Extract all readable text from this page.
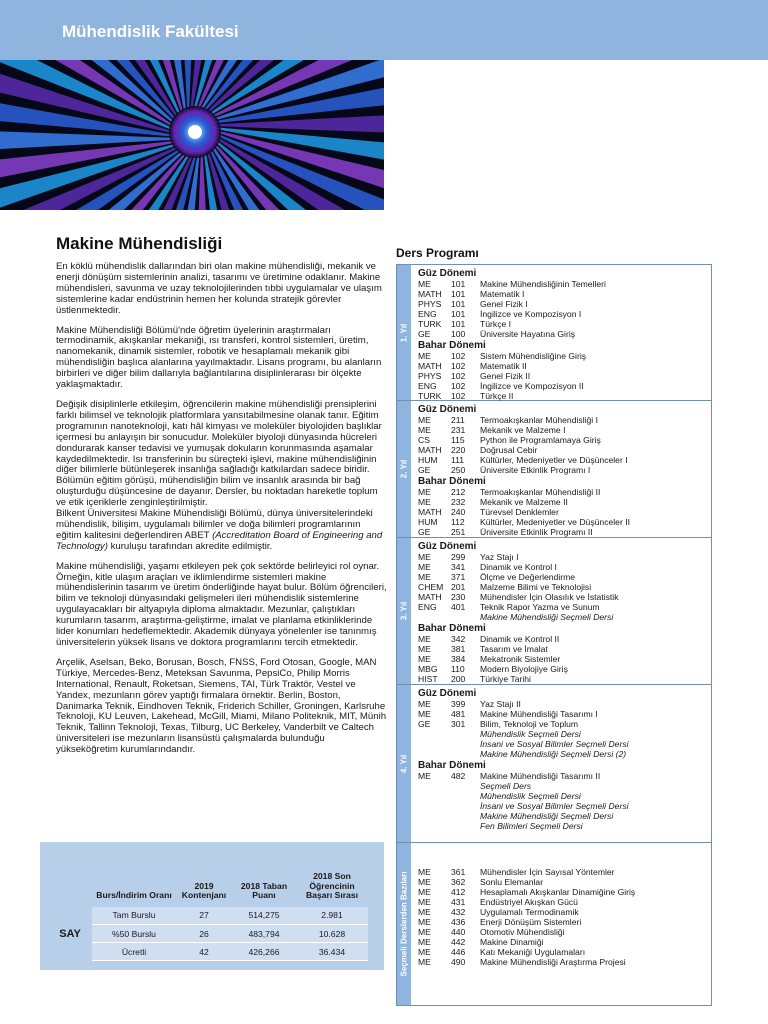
Mühendislik Fakültesi
Makine Mühendisliği

En köklü mühendislik dallarından biri olan makine mühendisliği, mekanik ve enerji dönüşüm sistemlerinin analizi, tasarımı ve üretimine odaklanır. Makine mühendisleri, savunma ve uzay teknolojilerinden tıbbi uygulamalar ve ulaşım sistemlerine kadar endüstrinin hemen her kolunda stratejik görevler üstlenmektedir.

Makine Mühendisliği Bölümü'nde öğretim üyelerinin araştırmaları termodinamik, akışkanlar mekaniği, ısı transferi, kontrol sistemleri, üretim, nanomekanik, dinamik sistemler, robotik ve hesaplamalı mekanik gibi mühendisliğin başlıca alanlarına yayılmaktadır. Lisans programı, bu alanların birbirleri ve diğer bilim dallarıyla bağlantılarına disiplinlerarası bir ölçekte yaklaşmaktadır.

Değişik disiplinlerle etkileşim, öğrencilerin makine mühendisliği prensiplerini farklı bilimsel ve teknolojik platformlara yansıtabilmesine olanak tanır. Eğitim programının nanoteknoloji, katı hâl kimyası ve moleküler biyolojiden başlıklar içermesi bu anlayışın bir sonucudur. Moleküler biyoloji dünyasında hücreleri dondurarak kanser tedavisi ve yumuşak dokuların korunmasında aşamalar kaydedilmektedir. Isı transferinin bu süreçteki işlevi, makine mühendisliğinin diğer bilimlerle bütünleşerek insanlığa sağladığı katkılardan sadece biridir. Bölümün eğitim görüşü, mühendisliğin bilim ve insanlık arasında bir bağ oluşturduğu düşüncesine de dayanır. Dersler, bu noktadan hareketle toplum ve etik içeriklerle zenginleştirilmiştir.

Bilkent Üniversitesi Makine Mühendisliği Bölümü, dünya üniversitelerindeki mühendislik, bilişim, uygulamalı bilimler ve doğa bilimleri programlarının eğitim kalitesini değerlendiren ABET (Accreditation Board of Engineering and Technology) kuruluşu tarafından akredite edilmiştir.

Makine mühendisliği, yaşamı etkileyen pek çok sektörde belirleyici rol oynar. Örneğin, kitle ulaşım araçları ve iklimlendirme sistemleri makine mühendislerinin tasarım ve üretim önderliğinde hayat bulur. Bölüm öğrencileri, bilim ve teknoloji dünyasındaki gelişmeleri ileri mühendislik sistemlerine uygulayacakları bir altyapıyla diploma almaktadır. Mezunlar, çalıştıkları kurumların tasarım, araştırma-geliştirme, imalat ve planlama etkinliklerinde lider konumları hedeflemektedir. Akademik dünyaya yönelenler ise tanınmış üniversitelerin yüksek lisans ve doktora programlarını tercih etmektedir.

Arçelik, Aselsan, Beko, Borusan, Bosch, FNSS, Ford Otosan, Google, MAN Türkiye, Mercedes-Benz, Meteksan Savunma, PepsiCo, Philip Morris International, Renault, Roketsan, Siemens, TAI, Türk Traktör, Vestel ve Yandex, mezunların görev yaptığı firmalara örnektir. Berlin, Boston, Danimarka Teknik, Eindhoven Teknik, Friderich Schiller, Groningen, Karlsruhe Teknoloji, KU Leuven, Lakehead, McGill, Miami, Milano Politeknik, MIT, Münih Teknik, Tallinn Teknoloji, Texas, Tilburg, UC Berkeley, Vanderbilt ve Caltech üniversiteleri ise mezunların lisansüstü çalışmalarda bulunduğu yükseköğretim kurumlarındandır.

	Burs/İndirim Oranı	2019 Kontenjanı	2018 Taban Puanı	2018 Son Öğrencinin Başarı Sırası

SAY	Tam Burslu	27	514,275	2.981
	%50 Burslu	26	483,794	10.628
	Ücretli	42	426,266	36.434
Ders Programı
1. Yıl
Güz Dönemi
ME 101 Makine Mühendisliğinin Temelleri
MATH 101 Matematik I
PHYS 101 Genel Fizik I
ENG 101 İngilizce ve Kompozisyon I
TURK 101 Türkçe I
GE 100 Üniversite Hayatına Giriş
Bahar Dönemi
ME 102 Sistem Mühendisliğine Giriş
MATH 102 Matematik II
PHYS 102 Genel Fizik II
ENG 102 İngilizce ve Kompozisyon II
TURK 102 Türkçe II
2. Yıl
Güz Dönemi
ME 211 Termoakışkanlar Mühendisliği I
ME 231 Mekanik ve Malzeme I
CS 115 Python ile Programlamaya Giriş
MATH 220 Doğrusal Cebir
HUM 111 Kültürler, Medeniyetler ve Düşünceler I
GE 250 Üniversite Etkinlik Programı I
Bahar Dönemi
ME 212 Termoakışkanlar Mühendisliği II
ME 232 Mekanik ve Malzeme II
MATH 240 Türevsel Denklemler
HUM 112 Kültürler, Medeniyetler ve Düşünceler II
GE 251 Üniversite Etkinlik Programı II
3. Yıl
Güz Dönemi
ME 299 Yaz Stajı I
ME 341 Dinamik ve Kontrol I
ME 371 Ölçme ve Değerlendirme
CHEM 201 Malzeme Bilimi ve Teknolojisi
MATH 230 Mühendisler İçin Olasılık ve İstatistik
ENG 401 Teknik Rapor Yazma ve Sunum
Makine Mühendisliği Seçmeli Dersi
Bahar Dönemi
ME 342 Dinamik ve Kontrol II
ME 381 Tasarım ve İmalat
ME 384 Mekatronik Sistemler
MBG 110 Modern Biyolojiye Giriş
HIST 200 Türkiye Tarihi
4. Yıl
Güz Dönemi
ME 399 Yaz Stajı II
ME 481 Makine Mühendisliği Tasarımı I
GE 301 Bilim, Teknoloji ve Toplum
Mühendislik Seçmeli Dersi
İnsani ve Sosyal Bilimler Seçmeli Dersi
Makine Mühendisliği Seçmeli Dersi (2)
Bahar Dönemi
ME 482 Makine Mühendisliği Tasarımı II
Seçmeli Ders
Mühendislik Seçmeli Dersi
İnsani ve Sosyal Bilimler Seçmeli Dersi
Makine Mühendisliği Seçmeli Dersi
Fen Bilimleri Seçmeli Dersi
Seçmeli Derslerden Bazıları ME 361 Mühendisler İçin Sayısal Yöntemler
ME 362 Sonlu Elemanlar
ME 412 Hesaplamalı Akışkanlar Dinamiğine Giriş
ME 431 Endüstriyel Akışkan Gücü
ME 432 Uygulamalı Termodinamik
ME 436 Enerji Dönüşüm Sistemleri
ME 440 Otomotiv Mühendisliği
ME 442 Makine Dinamiği
ME 446 Katı Mekaniği Uygulamaları
ME 490 Makine Mühendisliği Araştırma Projesi
